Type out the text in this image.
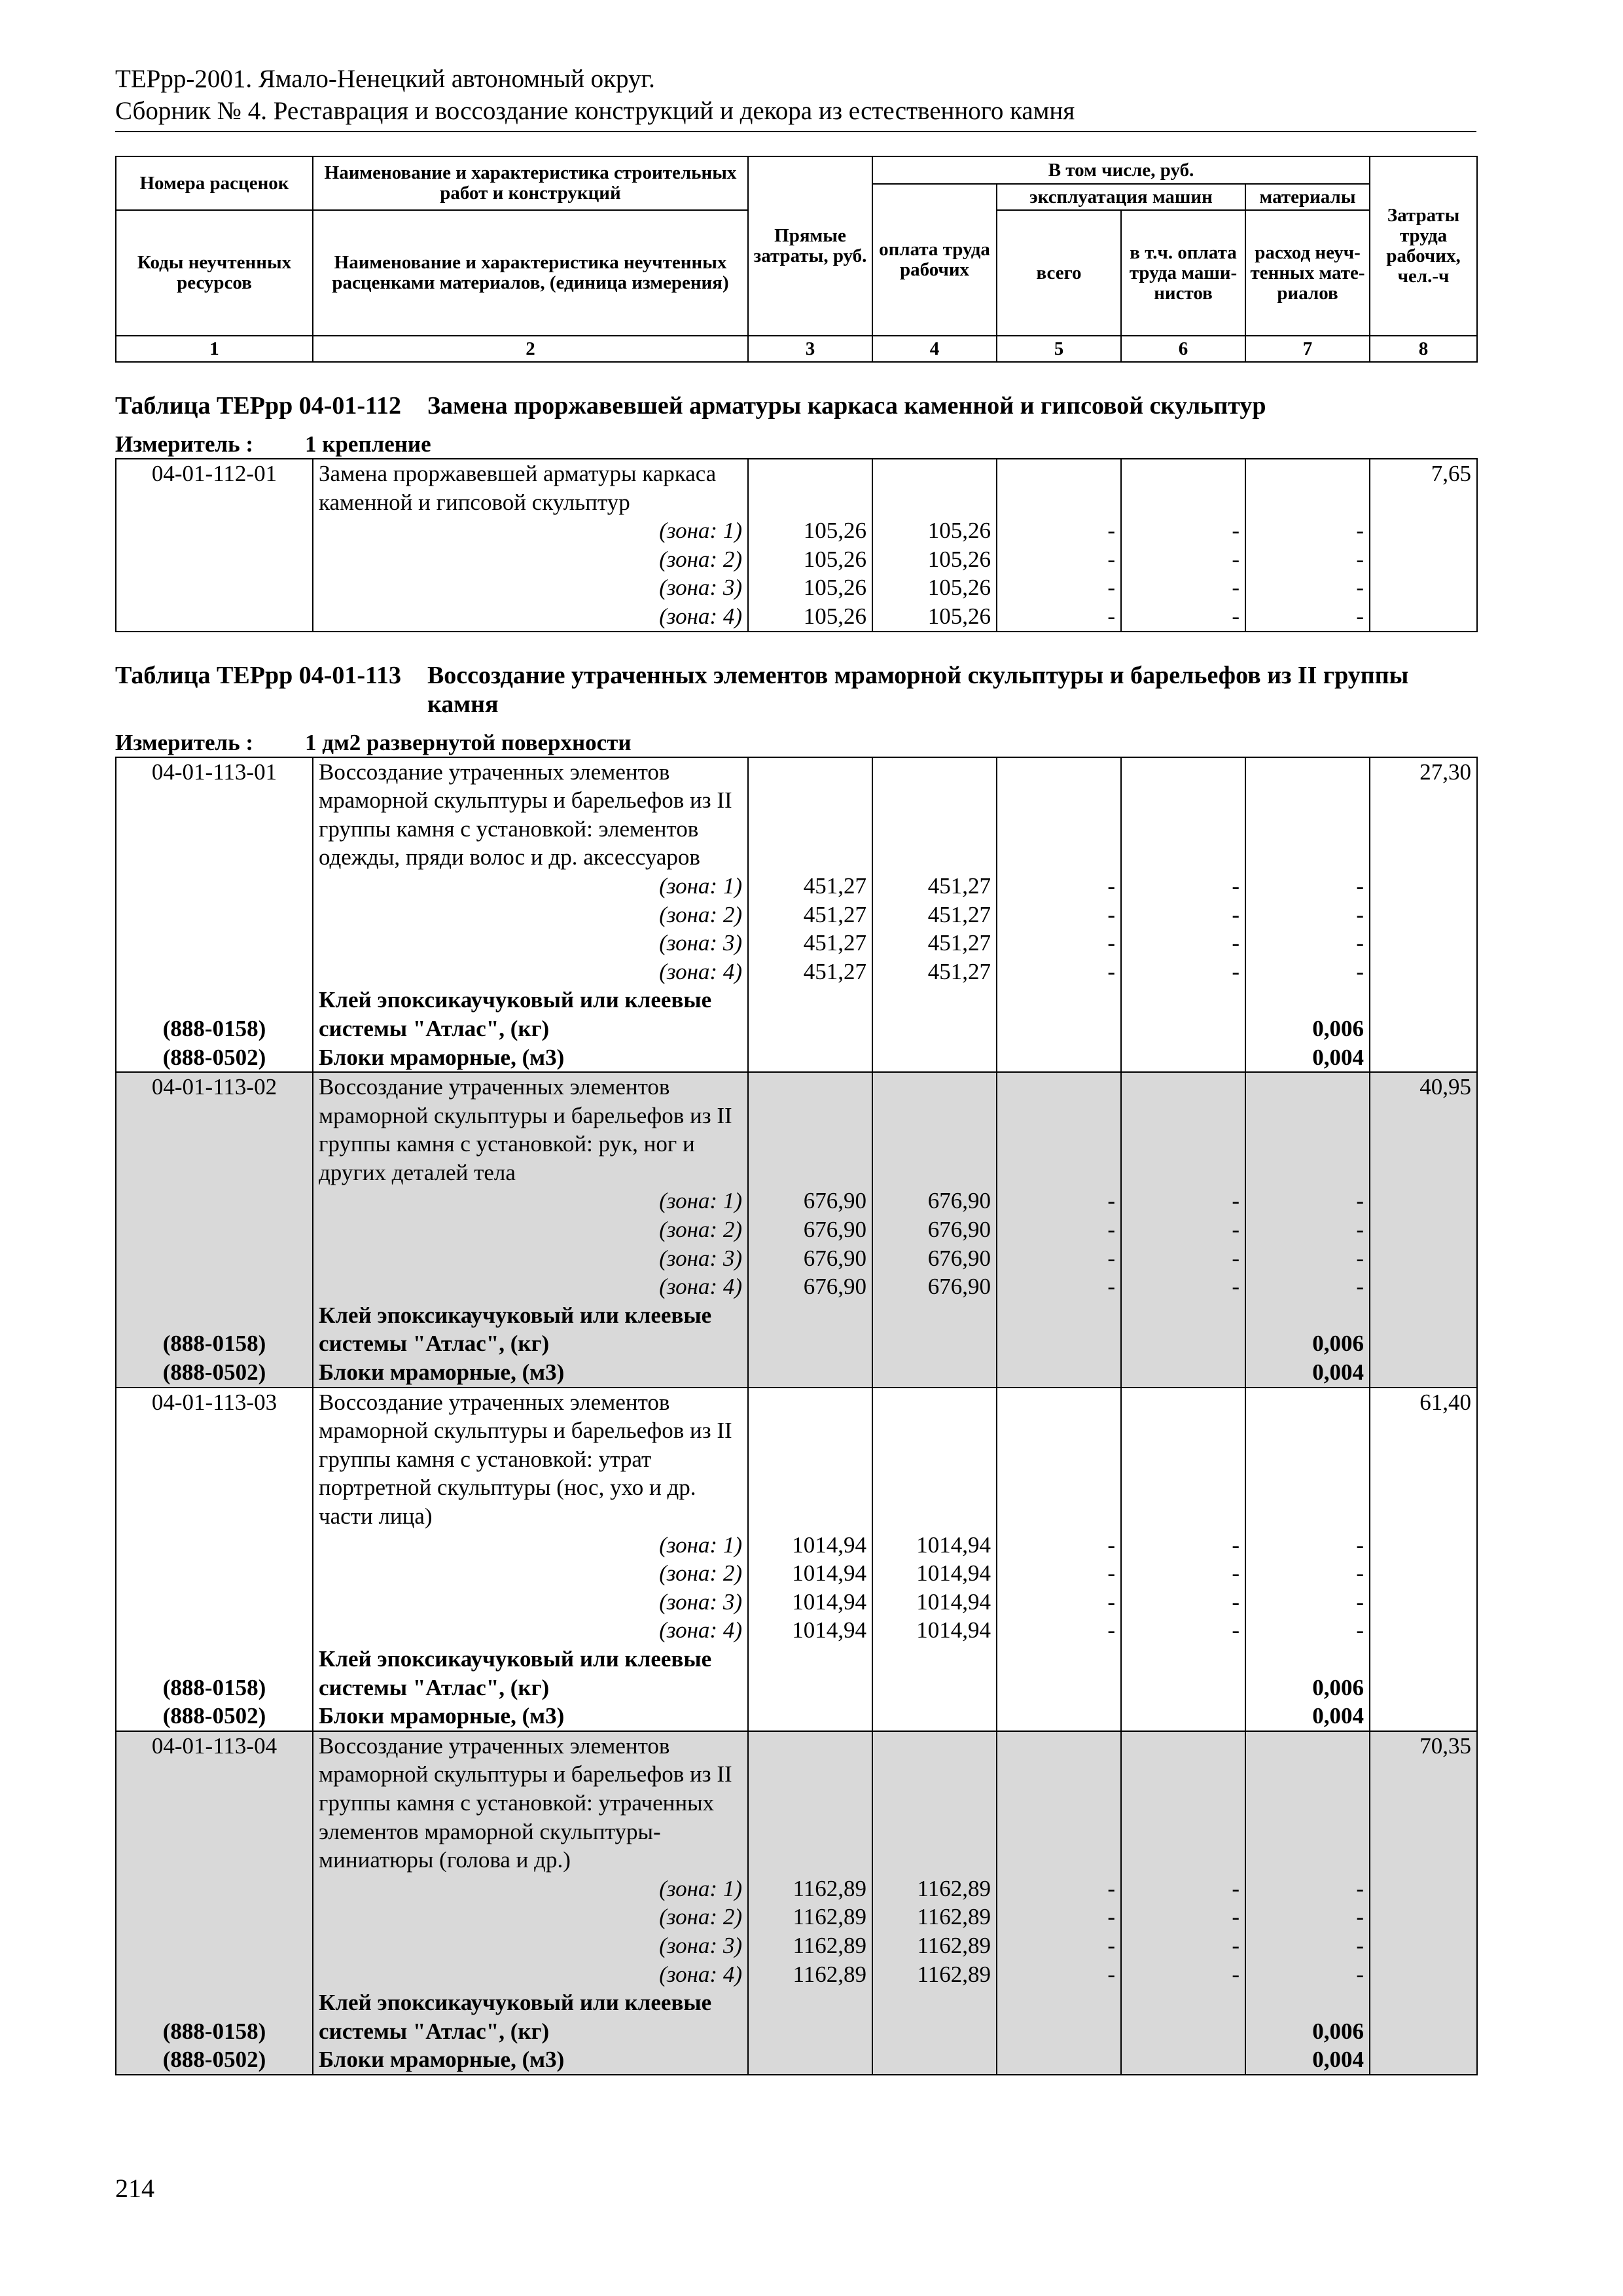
ТЕРрр-2001. Ямало-Ненецкий автономный округ.
Сборник № 4. Реставрация и воссоздание конструкций и декора из естественного камня
Номера расценок	Наименование и характеристика строительных работ и конструкций	Прямые затраты, руб.	В том числе, руб.				Затраты труда рабочих, чел.-ч
			оплата труда рабочих	эксплуатация машин		материалы	
Коды неучтенных ресурсов	Наименование и характеристика неучтенных расценками материалов, (единица измерения)			всего	в т.ч. оплата труда маши-нистов	расход неуч-тенных мате-риалов	
1	2	3	4	5	6	7	8
Таблица ТЕРрр 04-01-112 Замена проржавевшей арматуры каркаса каменной и гипсовой скульптур
Измеритель : 1 крепление
04-01-112-01	Замена проржавевшей арматуры каркаса каменной и гипсовой скульптур						7,65
	(зона: 1)	105,26	105,26	-	-	-	
	(зона: 2)	105,26	105,26	-	-	-	
	(зона: 3)	105,26	105,26	-	-	-	
	(зона: 4)	105,26	105,26	-	-	-	
Таблица ТЕРрр 04-01-113 Воссоздание утраченных элементов мраморной скульптуры и барельефов из II группы камня
Измеритель : 1 дм2 развернутой поверхности
04-01-113-01	Воссоздание утраченных элементов мраморной скульптуры и барельефов из II группы камня с установкой: элементов одежды, пряди волос и др. аксессуаров						27,30
	(зона: 1)	451,27	451,27	-	-	-	
	(зона: 2)	451,27	451,27	-	-	-	
	(зона: 3)	451,27	451,27	-	-	-	
	(зона: 4)	451,27	451,27	-	-	-	
(888-0158)	Клей эпоксикаучуковый или клеевые системы "Атлас", (кг)					0,006	
(888-0502)	Блоки мраморные, (м3)					0,004	
04-01-113-02	Воссоздание утраченных элементов мраморной скульптуры и барельефов из II группы камня с установкой: рук, ног и других деталей тела						40,95
	(зона: 1)	676,90	676,90	-	-	-	
	(зона: 2)	676,90	676,90	-	-	-	
	(зона: 3)	676,90	676,90	-	-	-	
	(зона: 4)	676,90	676,90	-	-	-	
(888-0158)	Клей эпоксикаучуковый или клеевые системы "Атлас", (кг)					0,006	
(888-0502)	Блоки мраморные, (м3)					0,004	
04-01-113-03	Воссоздание утраченных элементов мраморной скульптуры и барельефов из II группы камня с установкой: утрат портретной скульптуры (нос, ухо и др. части лица)						61,40
	(зона: 1)	1014,94	1014,94	-	-	-	
	(зона: 2)	1014,94	1014,94	-	-	-	
	(зона: 3)	1014,94	1014,94	-	-	-	
	(зона: 4)	1014,94	1014,94	-	-	-	
(888-0158)	Клей эпоксикаучуковый или клеевые системы "Атлас", (кг)					0,006	
(888-0502)	Блоки мраморные, (м3)					0,004	
04-01-113-04	Воссоздание утраченных элементов мраморной скульптуры и барельефов из II группы камня с установкой: утраченных элементов мраморной скульптуры-миниатюры (голова и др.)						70,35
	(зона: 1)	1162,89	1162,89	-	-	-	
	(зона: 2)	1162,89	1162,89	-	-	-	
	(зона: 3)	1162,89	1162,89	-	-	-	
	(зона: 4)	1162,89	1162,89	-	-	-	
(888-0158)	Клей эпоксикаучуковый или клеевые системы "Атлас", (кг)					0,006	
(888-0502)	Блоки мраморные, (м3)					0,004	
214
